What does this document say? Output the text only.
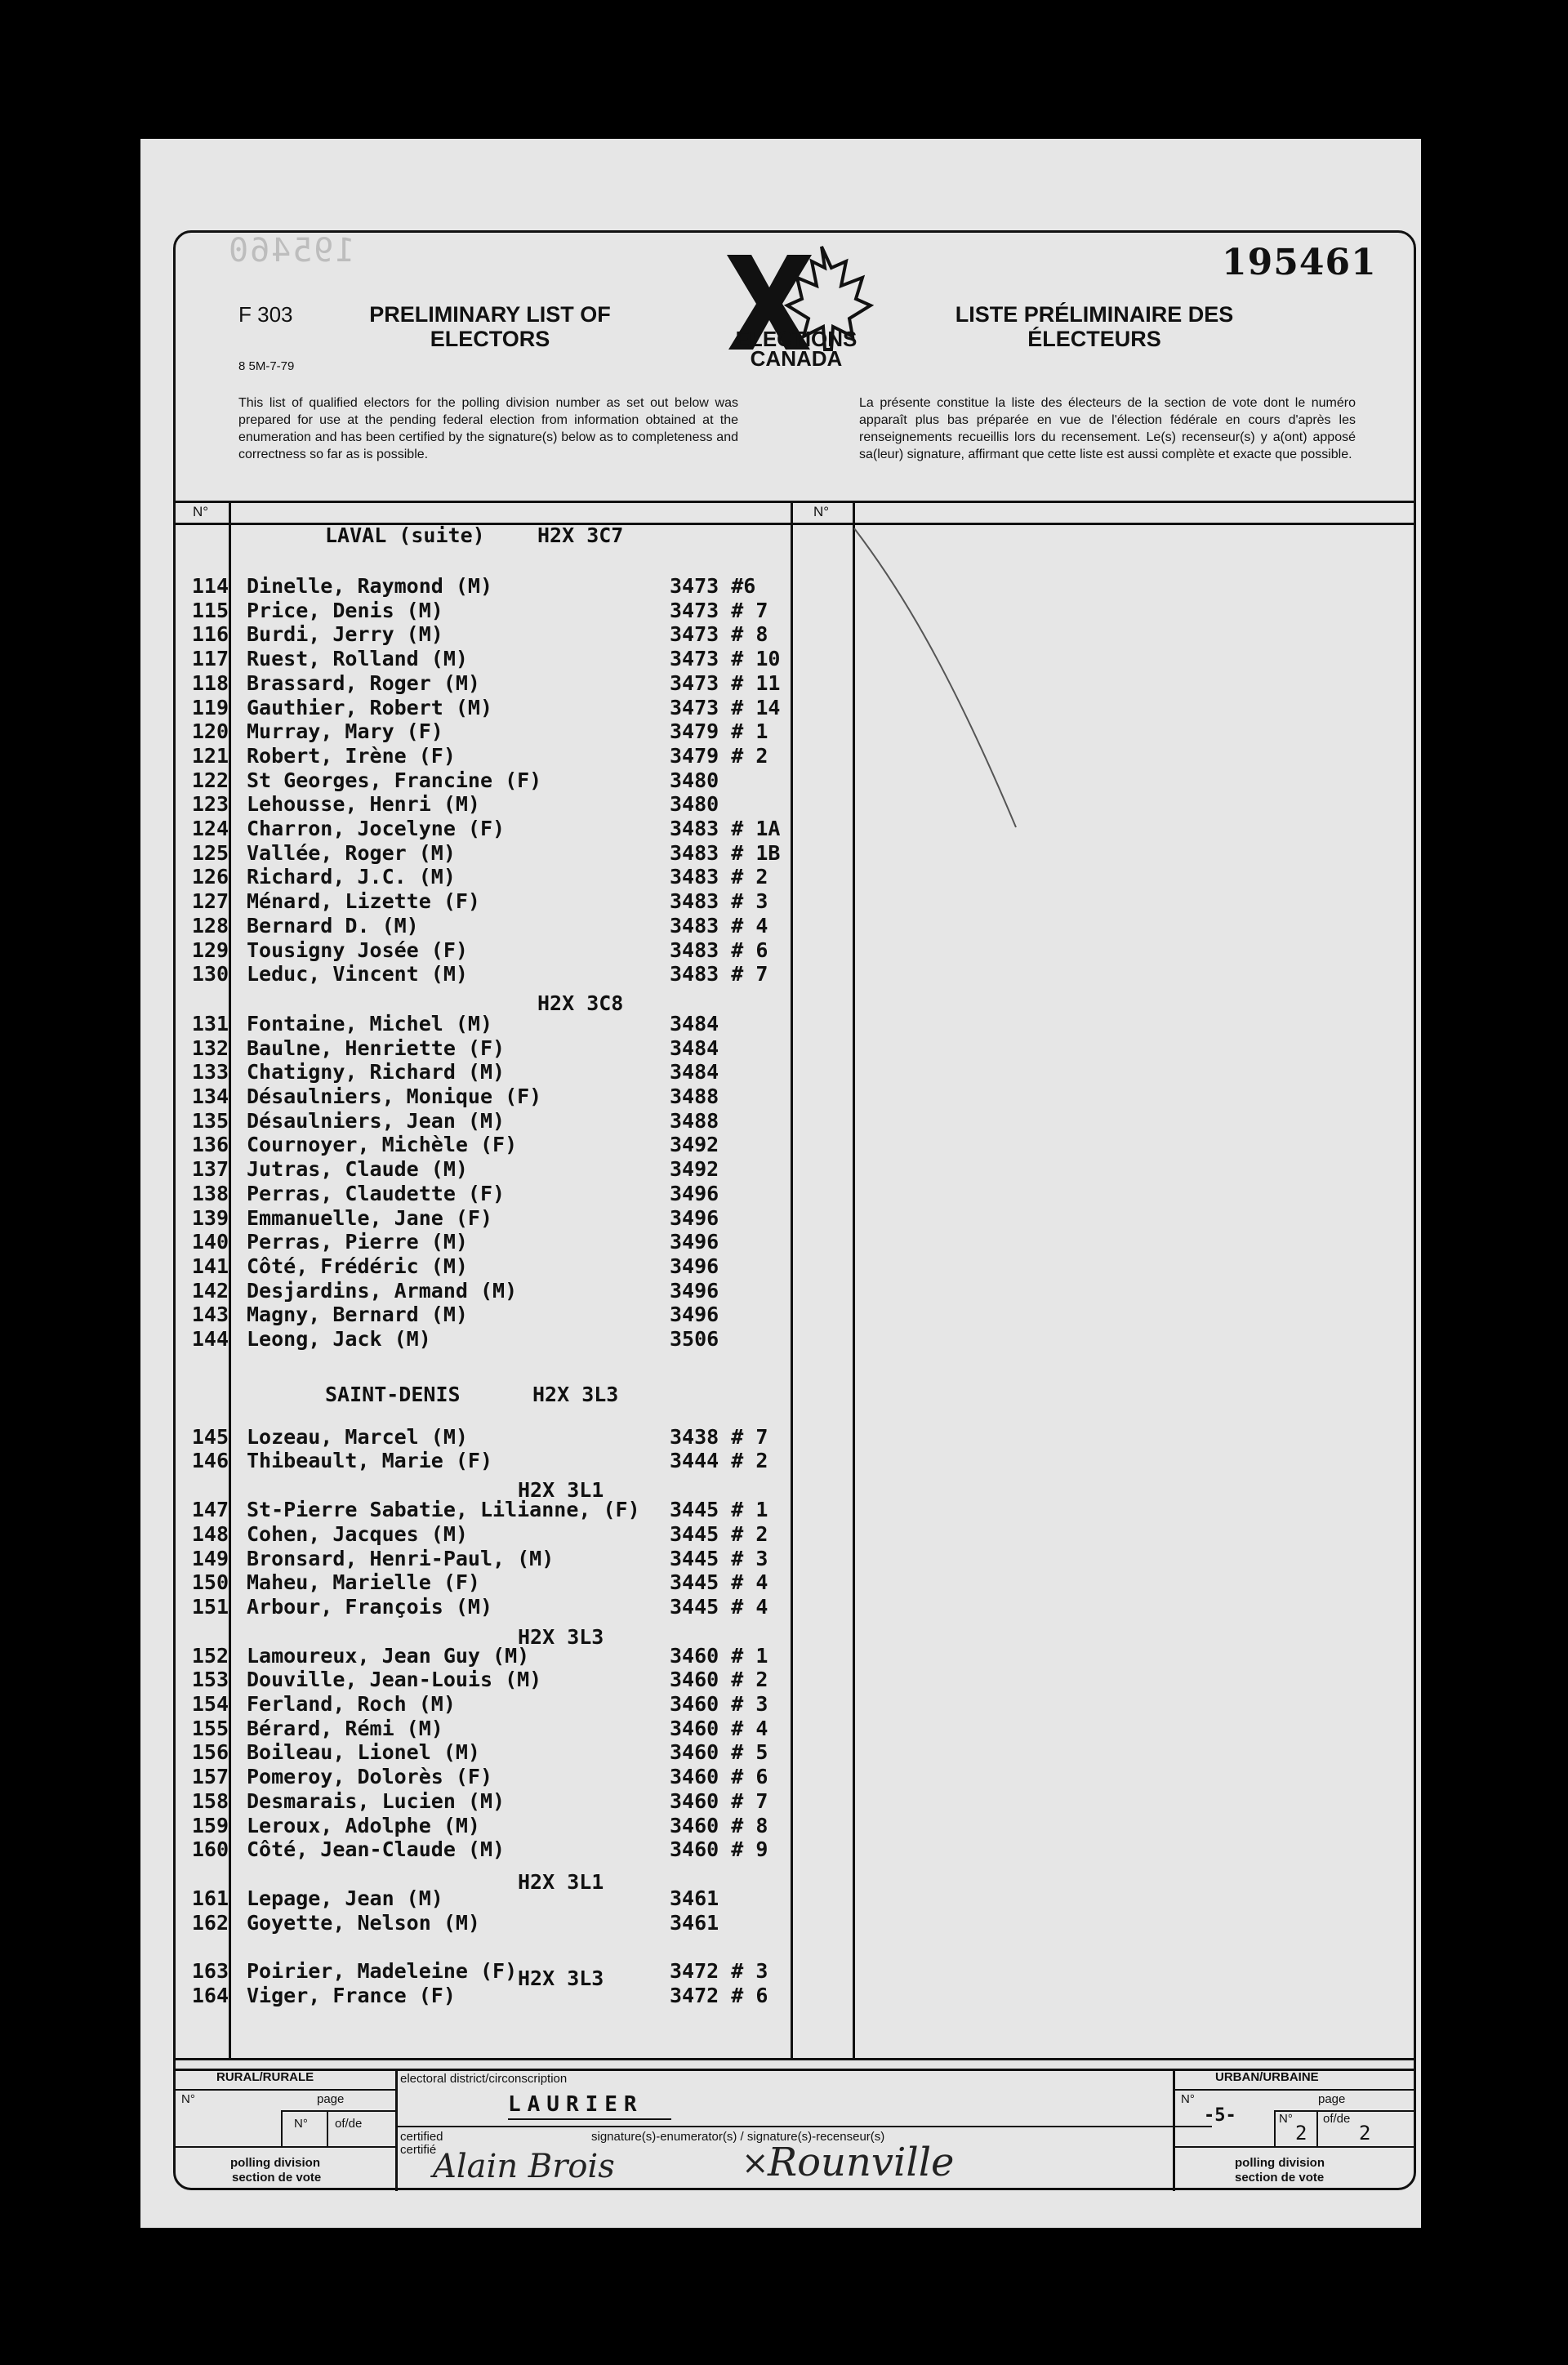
195460	195461
F 303
8 5M-7-79
PRELIMINARY LIST OF ELECTORS
LISTE PRÉLIMINAIRE DES ÉLECTEURS
ELECTIONS
CANADA
This list of qualified electors for the polling division number as set out below was prepared for use at the pending federal election from information obtained at the enumeration and has been certified by the signature(s) below as to completeness and correctness so far as is possible.
La présente constitue la liste des électeurs de la section de vote dont le numéro apparaît plus bas préparée en vue de l'élection fédérale en cours d'après les renseignements recueillis lors du recensement. Le(s) recenseur(s) y a(ont) apposé sa(leur) signature, affirmant que cette liste est aussi complète et exacte que possible.
N°	N°
LAVAL (suite)	H2X 3C7
H2X 3C8
SAINT-DENIS	H2X 3L3
H2X 3L1
H2X 3L3
H2X 3L1
H2X 3L3
114 Dinelle, Raymond (M)	3473 #6
115 Price, Denis (M)	3473 # 7
116 Burdi, Jerry (M)	3473 # 8
117 Ruest, Rolland (M)	3473 # 10
118 Brassard, Roger (M)	3473 # 11
119 Gauthier, Robert (M)	3473 # 14
120 Murray, Mary (F)	3479 # 1
121 Robert, Irène (F)	3479 # 2
122 St Georges, Francine (F)	3480
123 Lehousse, Henri (M)	3480
124 Charron, Jocelyne (F)	3483 # 1A
125 Vallée, Roger (M)	3483 # 1B
126 Richard, J.C. (M)	3483 # 2
127 Ménard, Lizette (F)	3483 # 3
128 Bernard D. (M)	3483 # 4
129 Tousigny Josée (F)	3483 # 6
130 Leduc, Vincent (M)	3483 # 7
131 Fontaine, Michel (M)	3484
132 Baulne, Henriette (F)	3484
133 Chatigny, Richard (M)	3484
134 Désaulniers, Monique (F)	3488
135 Désaulniers, Jean (M)	3488
136 Cournoyer, Michèle (F)	3492
137 Jutras, Claude (M)	3492
138 Perras, Claudette (F)	3496
139 Emmanuelle, Jane (F)	3496
140 Perras, Pierre (M)	3496
141 Côté, Frédéric (M)	3496
142 Desjardins, Armand (M)	3496
143 Magny, Bernard (M)	3496
144 Leong, Jack (M)	3506
145 Lozeau, Marcel (M)	3438 # 7
146 Thibeault, Marie (F)	3444 # 2
147 St-Pierre Sabatie, Lilianne, (F) 3445 # 1
148 Cohen, Jacques (M)	3445 # 2
149 Bronsard, Henri-Paul, (M)	3445 # 3
150 Maheu, Marielle (F)	3445 # 4
151 Arbour, François (M)	3445 # 4
152 Lamoureux, Jean Guy (M)	3460 # 1
153 Douville, Jean-Louis (M)	3460 # 2
154 Ferland, Roch (M)	3460 # 3
155 Bérard, Rémi (M)	3460 # 4
156 Boileau, Lionel (M)	3460 # 5
157 Pomeroy, Dolorès (F)	3460 # 6
158 Desmarais, Lucien (M)	3460 # 7
159 Leroux, Adolphe (M)	3460 # 8
160 Côté, Jean-Claude (M)	3460 # 9
161 Lepage, Jean (M)	3461
162 Goyette, Nelson (M)	3461
163 Poirier, Madeleine (F)	3472 # 3
164 Viger, France (F)	3472 # 6
RURAL/RURALE
N°	page
N° of/de
polling division
section de vote
electoral district/circonscription
LAURIER
certified
certifié
signature(s)-enumerator(s) / signature(s)-recenseur(s)
Alain Brois	Rounville
×
URBAN/URBAINE
N°
-5-
page
N°
2
of/de
2
polling division
section de vote
